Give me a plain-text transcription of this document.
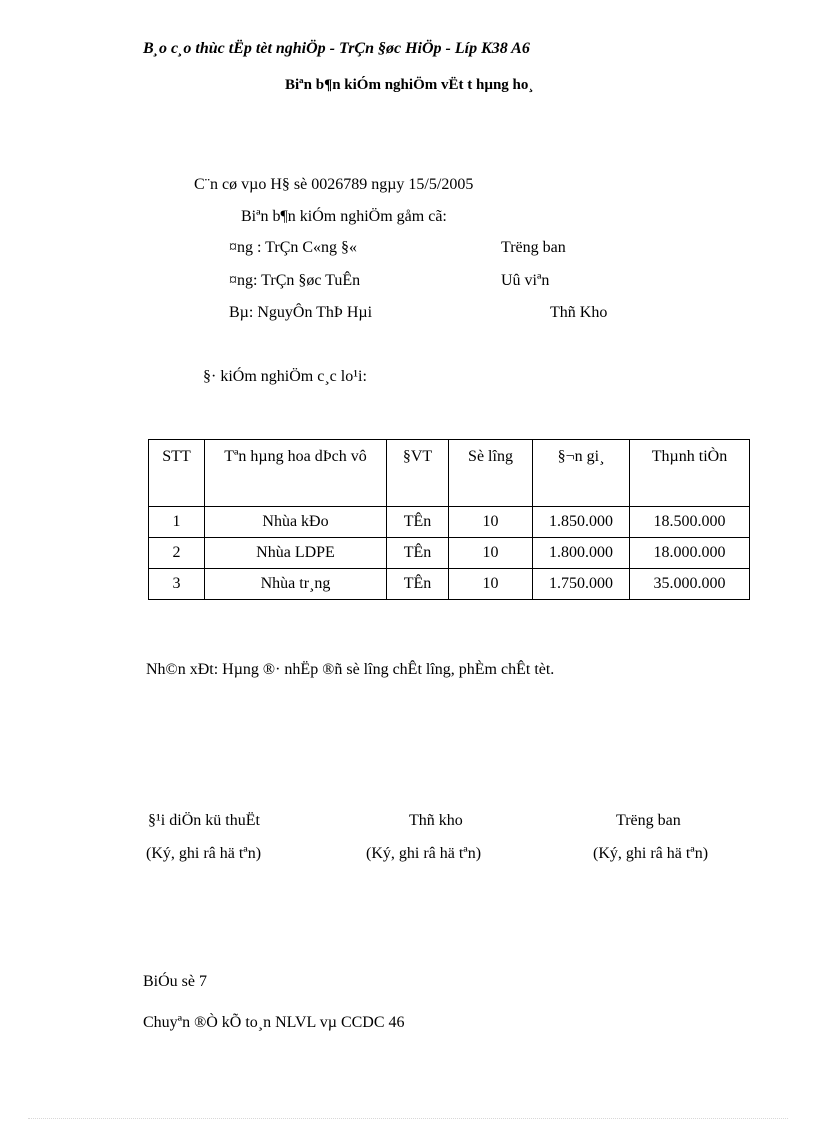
B¸o c¸o thùc tËp tèt nghiÖp - TrÇn §øc HiÖp - Líp K38 A6
Biªn b¶n kiÓm nghiÖm vËt t hµng ho¸
C¨n cø vµo H§ sè 0026789 ngµy 15/5/2005
Biªn b¶n kiÓm nghiÖm gåm cã:
¤ng : TrÇn C«ng §«	Trëng ban
¤ng: TrÇn §øc TuÊn	Uû viªn
Bµ: NguyÔn ThÞ Hµi	Thñ Kho
§· kiÓm nghiÖm c¸c lo¹i:
STT	Tªn hµng hoa dÞch vô	§VT	Sè lîng	§¬n gi¸	Thµnh tiÒn
1	Nhùa kÐo	TÊn	10	1.850.000	18.500.000
2	Nhùa LDPE	TÊn	10	1.800.000	18.000.000
3	Nhùa tr¸ng	TÊn	10	1.750.000	35.000.000
Nh©n xÐt: Hµng ®· nhËp ®ñ sè lîng chÊt lîng, phÈm chÊt tèt.
§¹i diÖn kü thuËt	Thñ kho	Trëng ban
(Ký, ghi râ hä tªn)	(Ký, ghi râ hä tªn)	(Ký, ghi râ hä tªn)
BiÓu sè 7
Chuyªn ®Ò kÕ to¸n NLVL vµ CCDC 46
